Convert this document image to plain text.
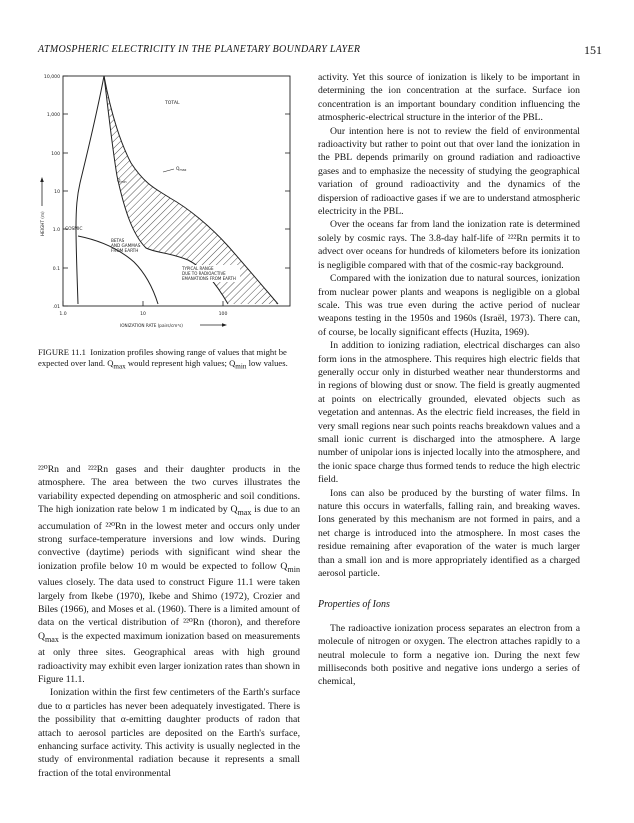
ATMOSPHERIC ELECTRICITY IN THE PLANETARY BOUNDARY LAYER	151
10,000
1,000
100
10
1.0
0.1
.01
HEIGHT (m)
1.0	10	100
IONIZATION RATE (pairs/cm³s)
TOTAL
$Q_{max}$
$Q_{min}$
COSMIC
BETAS
AND GAMMAS
FROM EARTH
TYPICAL RANGE
DUE TO RADIOACTIVE
EMANATIONS FROM EARTH
FIGURE 11.1 Ionization profiles showing range of values that might be expected over land. $Q_{max}$ would represent high values; $Q_{min}$ low values.

²²⁰Rn and ²²²Rn gases and their daughter products in the atmosphere. The area between the two curves illustrates the variability expected depending on atmospheric and soil conditions. The high ionization rate below 1 m indicated by $Q_{max}$ is due to an accumulation of ²²⁰Rn in the lowest meter and occurs only under strong surface-temperature inversions and low winds. During convective (daytime) periods with significant wind shear the ionization profile below 10 m would be expected to follow $Q_{min}$ values closely. The data used to construct Figure 11.1 were taken largely from Ikebe (1970), Ikebe and Shimo (1972), Crozier and Biles (1966), and Moses et al. (1960). There is a limited amount of data on the vertical distribution of ²²⁰Rn (thoron), and therefore $Q_{max}$ is the expected maximum ionization based on measurements at only three sites. Geographical areas with high ground radioactivity may exhibit even larger ionization rates than shown in Figure 11.1.

Ionization within the first few centimeters of the Earth's surface due to α particles has never been adequately investigated. There is the possibility that α-emitting daughter products of radon that attach to aerosol particles are deposited on the Earth's surface, enhancing surface activity. This activity is usually neglected in the study of environmental radiation because it represents a small fraction of the total environmental

activity. Yet this source of ionization is likely to be important in determining the ion concentration at the surface. Surface ion concentration is an important boundary condition influencing the atmospheric-electrical structure in the interior of the PBL.

Our intention here is not to review the field of environmental radioactivity but rather to point out that over land the ionization in the PBL depends primarily on ground radiation and radioactive gases and to emphasize the necessity of studying the geographical variation of ground radioactivity and the dynamics of the dispersion of radioactive gases if we are to understand atmospheric electricity in the PBL.

Over the oceans far from land the ionization rate is determined solely by cosmic rays. The 3.8-day half-life of ²²²Rn permits it to advect over oceans for hundreds of kilometers before its ionization is negligible compared with that of the cosmic-ray background.

Compared with the ionization due to natural sources, ionization from nuclear power plants and weapons is negligible on a global scale. This was true even during the active period of nuclear weapons testing in the 1950s and 1960s (Israël, 1973). There can, of course, be locally significant effects (Huzita, 1969).

In addition to ionizing radiation, electrical discharges can also form ions in the atmosphere. This requires high electric fields that generally occur only in disturbed weather near thunderstorms and in regions of blowing dust or snow. The field is greatly augmented at points on electrically grounded, elevated objects such as vegetation and antennas. As the electric field increases, the field in very small regions near such points reachs breakdown values and a small ionic current is discharged into the atmosphere. A large number of unipolar ions is injected locally into the atmosphere, and the ionic space charge thus formed tends to reduce the high electric field.

Ions can also be produced by the bursting of water films. In nature this occurs in waterfalls, falling rain, and breaking waves. Ions generated by this mechanism are not formed in pairs, and a net charge is introduced into the atmosphere. In most cases the residue remaining after evaporation of the water is much larger than a small ion and is more appropriately identified as a charged aerosol particle.

Properties of Ions

The radioactive ionization process separates an electron from a molecule of nitrogen or oxygen. The electron attaches rapidly to a neutral molecule to form a negative ion. During the next few milliseconds both positive and negative ions undergo a series of chemical,
